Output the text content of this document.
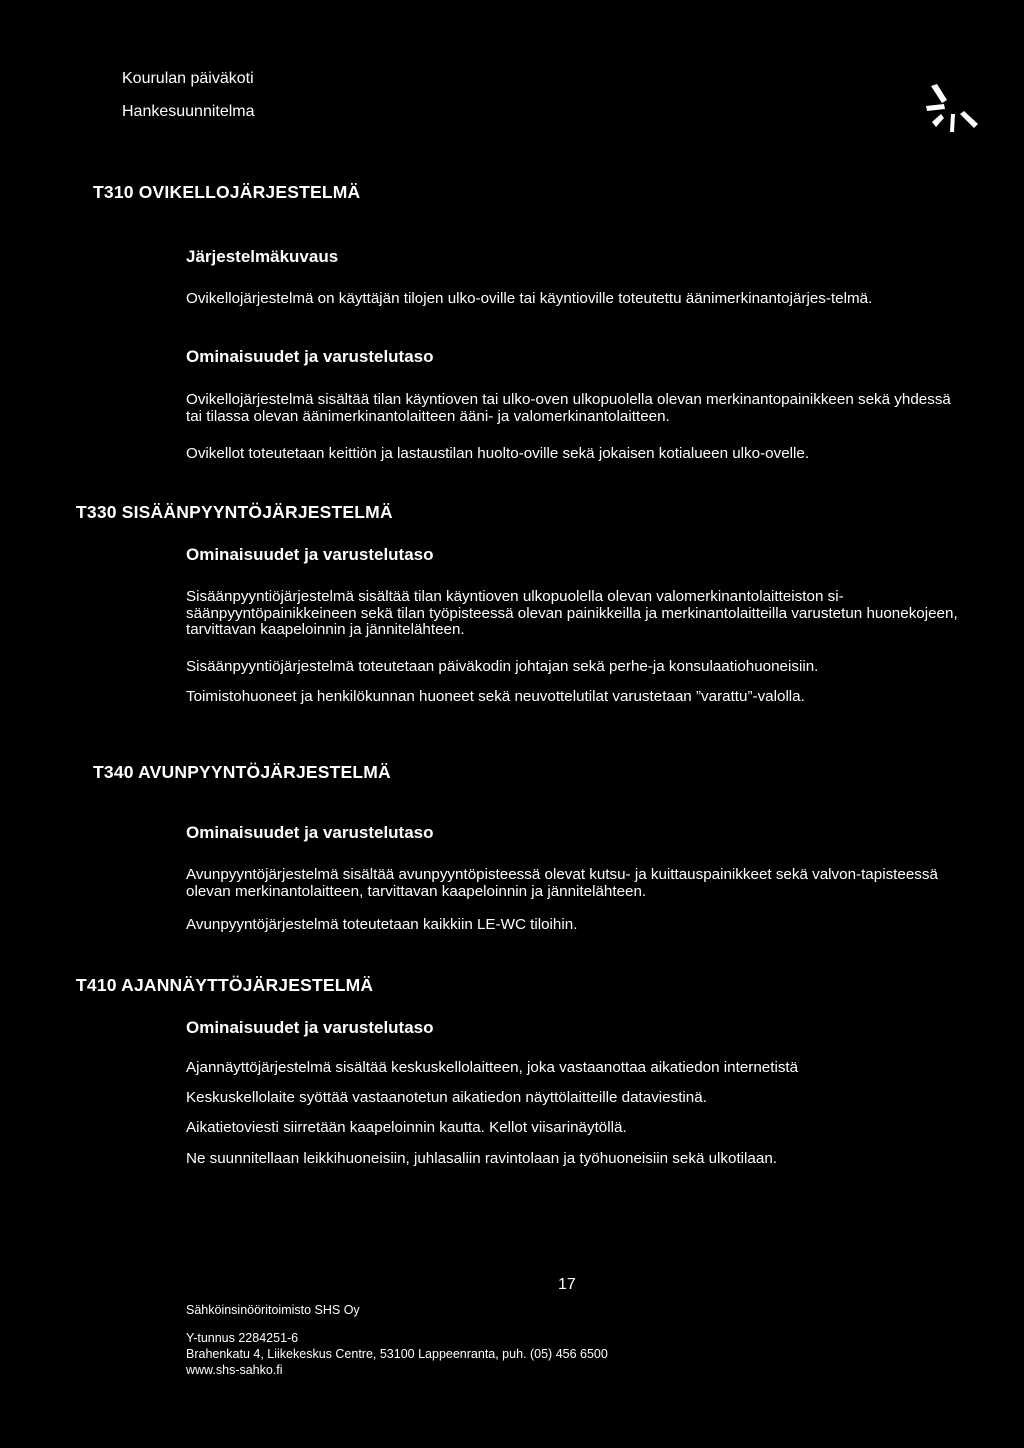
Kourulan päiväkoti
Hankesuunnitelma
T310 OVIKELLOJÄRJESTELMÄ
Järjestelmäkuvaus
Ovikellojärjestelmä on käyttäjän tilojen ulko-oville tai käyntioville toteutettu äänimerkinantojärjes-telmä.
Ominaisuudet ja varustelutaso
Ovikellojärjestelmä sisältää tilan käyntioven tai ulko-oven ulkopuolella olevan merkinantopainikkeen sekä yhdessä tai tilassa olevan äänimerkinantolaitteen ääni- ja valomerkinantolaitteen.
Ovikellot toteutetaan keittiön ja lastaustilan huolto-oville sekä jokaisen kotialueen ulko-ovelle.
T330 SISÄÄNPYYNTÖJÄRJESTELMÄ
Ominaisuudet ja varustelutaso
Sisäänpyyntiöjärjestelmä sisältää tilan käyntioven ulkopuolella olevan valomerkinantolaitteiston si-säänpyyntöpainikkeineen sekä tilan työpisteessä olevan painikkeilla ja merkinantolaitteilla varustetun huonekojeen, tarvittavan kaapeloinnin ja jännitelähteen.
Sisäänpyyntiöjärjestelmä toteutetaan päiväkodin johtajan sekä perhe-ja konsulaatiohuoneisiin.
Toimistohuoneet ja henkilökunnan huoneet sekä neuvottelutilat varustetaan ”varattu”-valolla.
T340 AVUNPYYNTÖJÄRJESTELMÄ
Ominaisuudet ja varustelutaso
Avunpyyntöjärjestelmä sisältää avunpyyntöpisteessä olevat kutsu- ja kuittauspainikkeet sekä valvon-tapisteessä olevan merkinantolaitteen, tarvittavan kaapeloinnin ja jännitelähteen.
Avunpyyntöjärjestelmä toteutetaan kaikkiin LE-WC tiloihin.
T410 AJANNÄYTTÖJÄRJESTELMÄ
Ominaisuudet ja varustelutaso
Ajannäyttöjärjestelmä sisältää keskuskellolaitteen, joka vastaanottaa aikatiedon internetistä
Keskuskellolaite syöttää vastaanotetun aikatiedon näyttölaitteille dataviestinä.
Aikatietoviesti siirretään kaapeloinnin kautta. Kellot viisarinäytöllä.
Ne suunnitellaan leikkihuoneisiin, juhlasaliin ravintolaan ja työhuoneisiin sekä ulkotilaan.
17
Sähköinsinööritoimisto SHS Oy
Y-tunnus 2284251-6
Brahenkatu 4, Liikekeskus Centre, 53100 Lappeenranta, puh. (05) 456 6500
www.shs-sahko.fi
